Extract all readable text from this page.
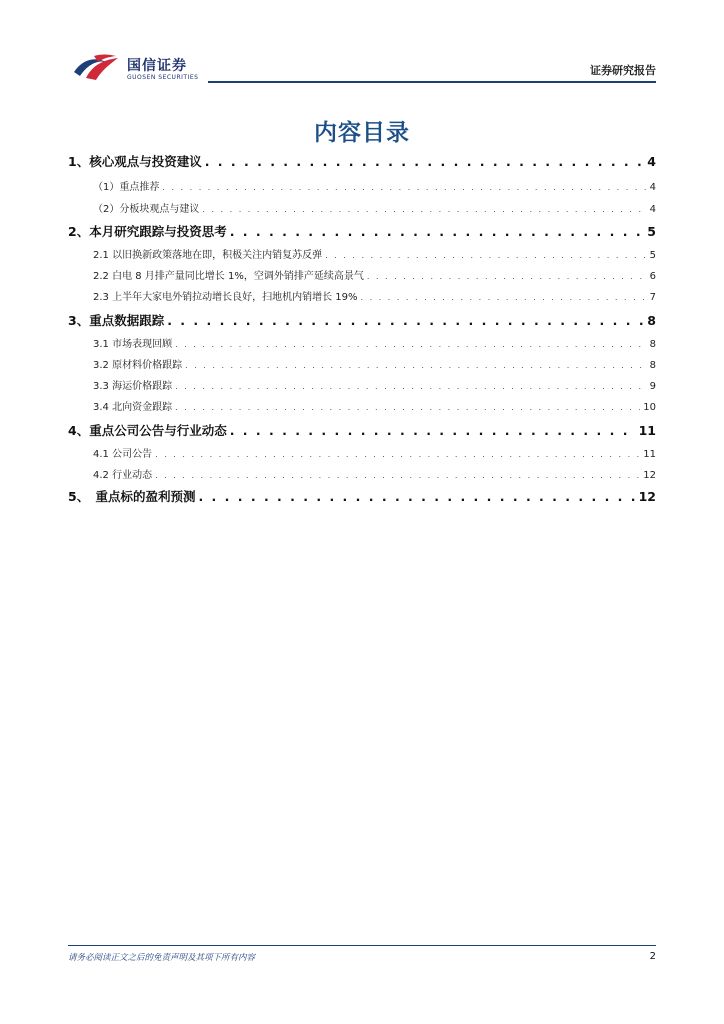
国信证券
GUOSEN SECURITIES
证券研究报告
内容目录
1、核心观点与投资建议 . . .	4
（1）重点推荐 . . .	4
（2）分板块观点与建议 . . .	4
2、本月研究跟踪与投资思考 . . .	5
2.1 以旧换新政策落地在即，积极关注内销复苏反弹 . . .	5
2.2 白电 8 月排产量同比增长 1%，空调外销排产延续高景气 . . .	6
2.3 上半年大家电外销拉动增长良好，扫地机内销增长 19% . . .	7
3、重点数据跟踪 . . .	8
3.1 市场表现回顾 . . .	8
3.2 原材料价格跟踪 . . .	8
3.3 海运价格跟踪 . . .	9
3.4 北向资金跟踪 . . .	10
4、重点公司公告与行业动态 . . .	11
4.1 公司公告 . . .	11
4.2 行业动态 . . .	12
5、　重点标的盈利预测 . . .	12
请务必阅读正文之后的免责声明及其项下所有内容	2
